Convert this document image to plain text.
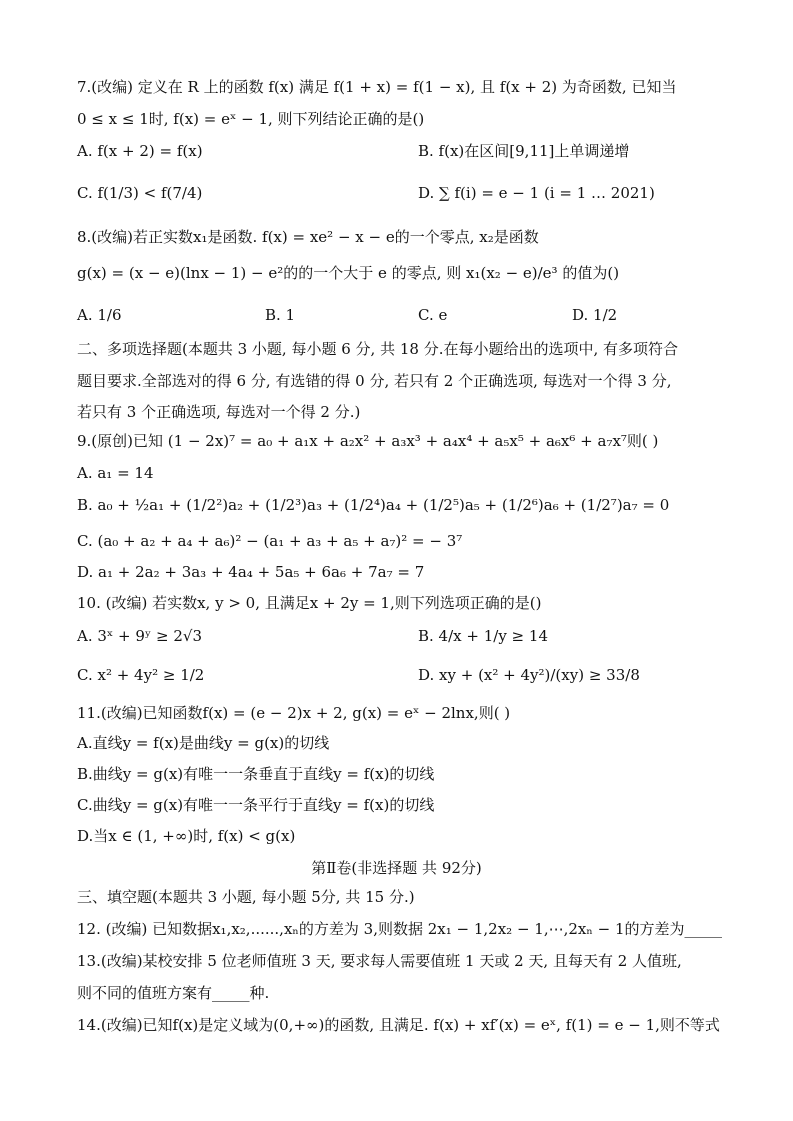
7.(改编) 定义在 R 上的函数 f(x) 满足 f(1 + x) = f(1 − x), 且 f(x + 2) 为奇函数, 已知当
0 ≤ x ≤ 1时, f(x) = eˣ − 1, 则下列结论正确的是()
A. f(x + 2) = f(x)	B. f(x)在区间[9,11]上单调递增
C. f(1/3) < f(7/4)	D. ∑ f(i) = e − 1 (i = 1 … 2021)
8.(改编)若正实数x₁是函数. f(x) = xe² − x − e的一个零点, x₂是函数
g(x) = (x − e)(lnx − 1) − e²的的一个大于 e 的零点, 则 x₁(x₂ − e)/e³ 的值为()
A. 1/6	B. 1	C. e	D. 1/2
二、多项选择题(本题共 3 小题, 每小题 6 分, 共 18 分.在每小题给出的选项中, 有多项符合
题目要求.全部选对的得 6 分, 有选错的得 0 分, 若只有 2 个正确选项, 每选对一个得 3 分,
若只有 3 个正确选项, 每选对一个得 2 分.)
9.(原创)已知 (1 − 2x)⁷ = a₀ + a₁x + a₂x² + a₃x³ + a₄x⁴ + a₅x⁵ + a₆x⁶ + a₇x⁷则( )
A. a₁ = 14
B. a₀ + ½a₁ + (1/2²)a₂ + (1/2³)a₃ + (1/2⁴)a₄ + (1/2⁵)a₅ + (1/2⁶)a₆ + (1/2⁷)a₇ = 0
C. (a₀ + a₂ + a₄ + a₆)² − (a₁ + a₃ + a₅ + a₇)² = − 3⁷
D. a₁ + 2a₂ + 3a₃ + 4a₄ + 5a₅ + 6a₆ + 7a₇ = 7
10. (改编) 若实数x, y > 0, 且满足x + 2y = 1,则下列选项正确的是()
A. 3ˣ + 9ʸ ≥ 2√3	B. 4/x + 1/y ≥ 14
C. x² + 4y² ≥ 1/2	D. xy + (x² + 4y²)/(xy) ≥ 33/8
11.(改编)已知函数f(x) = (e − 2)x + 2, g(x) = eˣ − 2lnx,则( )
A.直线y = f(x)是曲线y = g(x)的切线
B.曲线y = g(x)有唯一一条垂直于直线y = f(x)的切线
C.曲线y = g(x)有唯一一条平行于直线y = f(x)的切线
D.当x ∈ (1, +∞)时, f(x) < g(x)
第Ⅱ卷(非选择题 共 92分)
三、填空题(本题共 3 小题, 每小题 5分, 共 15 分.)
12. (改编) 已知数据x₁,x₂,......,xₙ的方差为 3,则数据 2x₁ − 1,2x₂ − 1,⋯,2xₙ − 1的方差为_____
13.(改编)某校安排 5 位老师值班 3 天, 要求每人需要值班 1 天或 2 天, 且每天有 2 人值班,
则不同的值班方案有_____种.
14.(改编)已知f(x)是定义域为(0,+∞)的函数, 且满足. f(x) + xf′(x) = eˣ, f(1) = e − 1,则不等式
